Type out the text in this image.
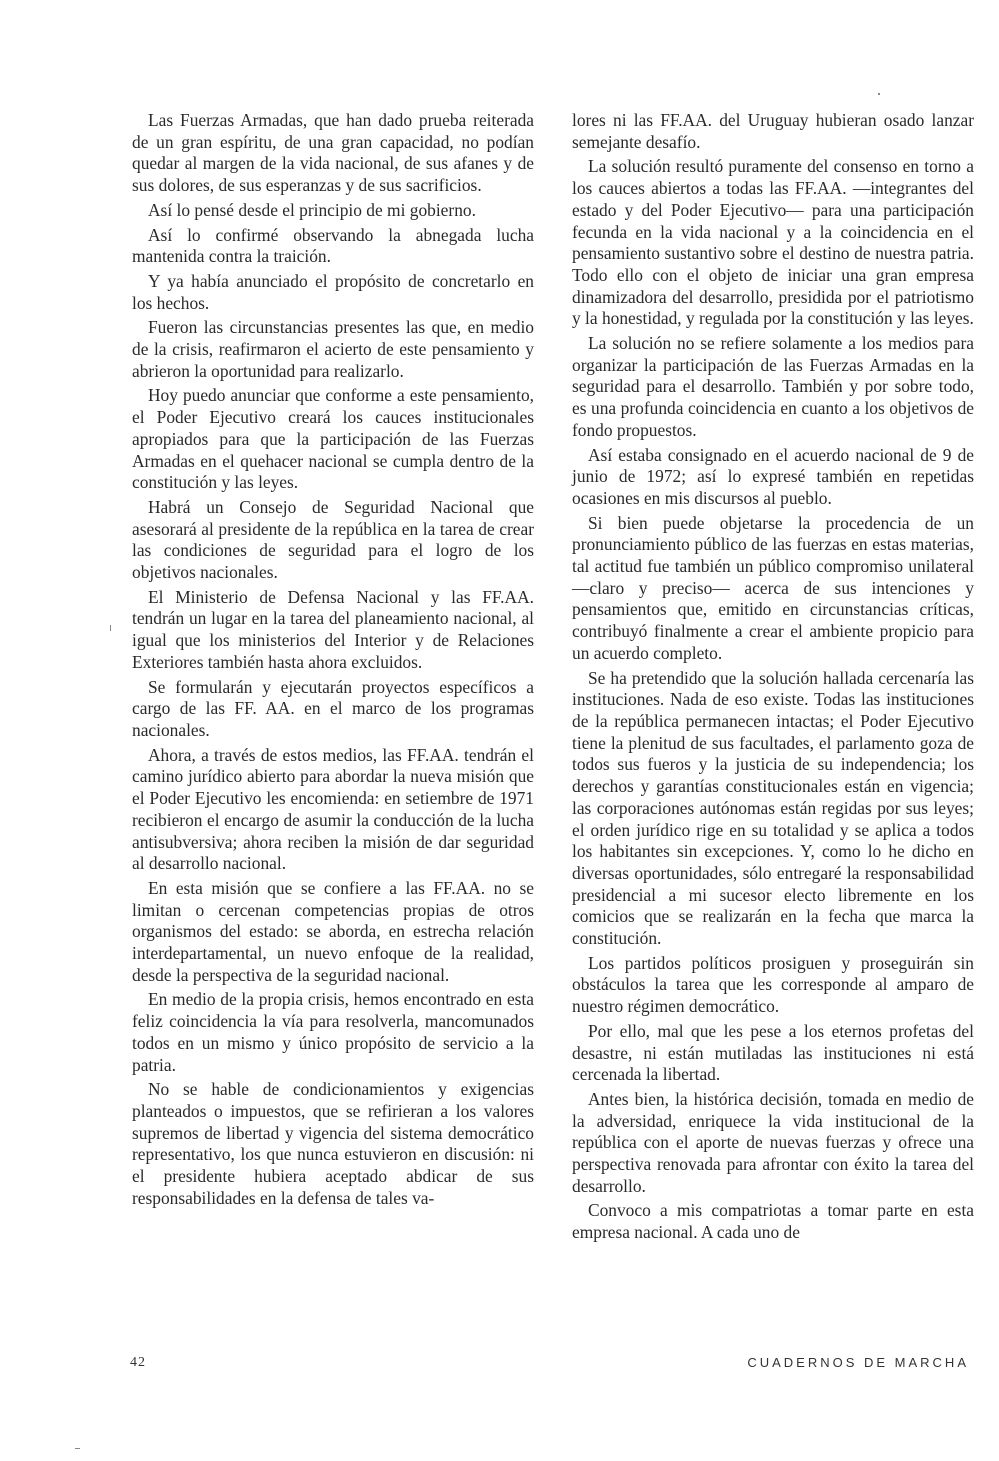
Las Fuerzas Armadas, que han dado prueba reiterada de un gran espíritu, de una gran capacidad, no podían quedar al margen de la vida nacional, de sus afanes y de sus dolores, de sus esperanzas y de sus sacrificios.

Así lo pensé desde el principio de mi gobierno.

Así lo confirmé observando la abnegada lucha mantenida contra la traición.

Y ya había anunciado el propósito de concretarlo en los hechos.

Fueron las circunstancias presentes las que, en medio de la crisis, reafirmaron el acierto de este pensamiento y abrieron la oportunidad para realizarlo.

Hoy puedo anunciar que conforme a este pensamiento, el Poder Ejecutivo creará los cauces institucionales apropiados para que la participación de las Fuerzas Armadas en el quehacer nacional se cumpla dentro de la constitución y las leyes.

Habrá un Consejo de Seguridad Nacional que asesorará al presidente de la república en la tarea de crear las condiciones de seguridad para el logro de los objetivos nacionales.

El Ministerio de Defensa Nacional y las FF.AA. tendrán un lugar en la tarea del planeamiento nacional, al igual que los ministerios del Interior y de Relaciones Exteriores también hasta ahora excluidos.

Se formularán y ejecutarán proyectos específicos a cargo de las FF. AA. en el marco de los programas nacionales.

Ahora, a través de estos medios, las FF.AA. tendrán el camino jurídico abierto para abordar la nueva misión que el Poder Ejecutivo les encomienda: en setiembre de 1971 recibieron el encargo de asumir la conducción de la lucha antisubversiva; ahora reciben la misión de dar seguridad al desarrollo nacional.

En esta misión que se confiere a las FF.AA. no se limitan o cercenan competencias propias de otros organismos del estado: se aborda, en estrecha relación interdepartamental, un nuevo enfoque de la realidad, desde la perspectiva de la seguridad nacional.

En medio de la propia crisis, hemos encontrado en esta feliz coincidencia la vía para resolverla, mancomunados todos en un mismo y único propósito de servicio a la patria.

No se hable de condicionamientos y exigencias planteados o impuestos, que se refirieran a los valores supremos de libertad y vigencia del sistema democrático representativo, los que nunca estuvieron en discusión: ni el presidente hubiera aceptado abdicar de sus responsabilidades en la defensa de tales va-

lores ni las FF.AA. del Uruguay hubieran osado lanzar semejante desafío.

La solución resultó puramente del consenso en torno a los cauces abiertos a todas las FF.AA. —integrantes del estado y del Poder Ejecutivo— para una participación fecunda en la vida nacional y a la coincidencia en el pensamiento sustantivo sobre el destino de nuestra patria. Todo ello con el objeto de iniciar una gran empresa dinamizadora del desarrollo, presidida por el patriotismo y la honestidad, y regulada por la constitución y las leyes.

La solución no se refiere solamente a los medios para organizar la participación de las Fuerzas Armadas en la seguridad para el desarrollo. También y por sobre todo, es una profunda coincidencia en cuanto a los objetivos de fondo propuestos.

Así estaba consignado en el acuerdo nacional de 9 de junio de 1972; así lo expresé también en repetidas ocasiones en mis discursos al pueblo.

Si bien puede objetarse la procedencia de un pronunciamiento público de las fuerzas en estas materias, tal actitud fue también un público compromiso unilateral —claro y preciso— acerca de sus intenciones y pensamientos que, emitido en circunstancias críticas, contribuyó finalmente a crear el ambiente propicio para un acuerdo completo.

Se ha pretendido que la solución hallada cercenaría las instituciones. Nada de eso existe. Todas las instituciones de la república permanecen intactas; el Poder Ejecutivo tiene la plenitud de sus facultades, el parlamento goza de todos sus fueros y la justicia de su independencia; los derechos y garantías constitucionales están en vigencia; las corporaciones autónomas están regidas por sus leyes; el orden jurídico rige en su totalidad y se aplica a todos los habitantes sin excepciones. Y, como lo he dicho en diversas oportunidades, sólo entregaré la responsabilidad presidencial a mi sucesor electo libremente en los comicios que se realizarán en la fecha que marca la constitución.

Los partidos políticos prosiguen y proseguirán sin obstáculos la tarea que les corresponde al amparo de nuestro régimen democrático.

Por ello, mal que les pese a los eternos profetas del desastre, ni están mutiladas las instituciones ni está cercenada la libertad.

Antes bien, la histórica decisión, tomada en medio de la adversidad, enriquece la vida institucional de la república con el aporte de nuevas fuerzas y ofrece una perspectiva renovada para afrontar con éxito la tarea del desarrollo.

Convoco a mis compatriotas a tomar parte en esta empresa nacional. A cada uno de

42	CUADERNOS DE MARCHA
